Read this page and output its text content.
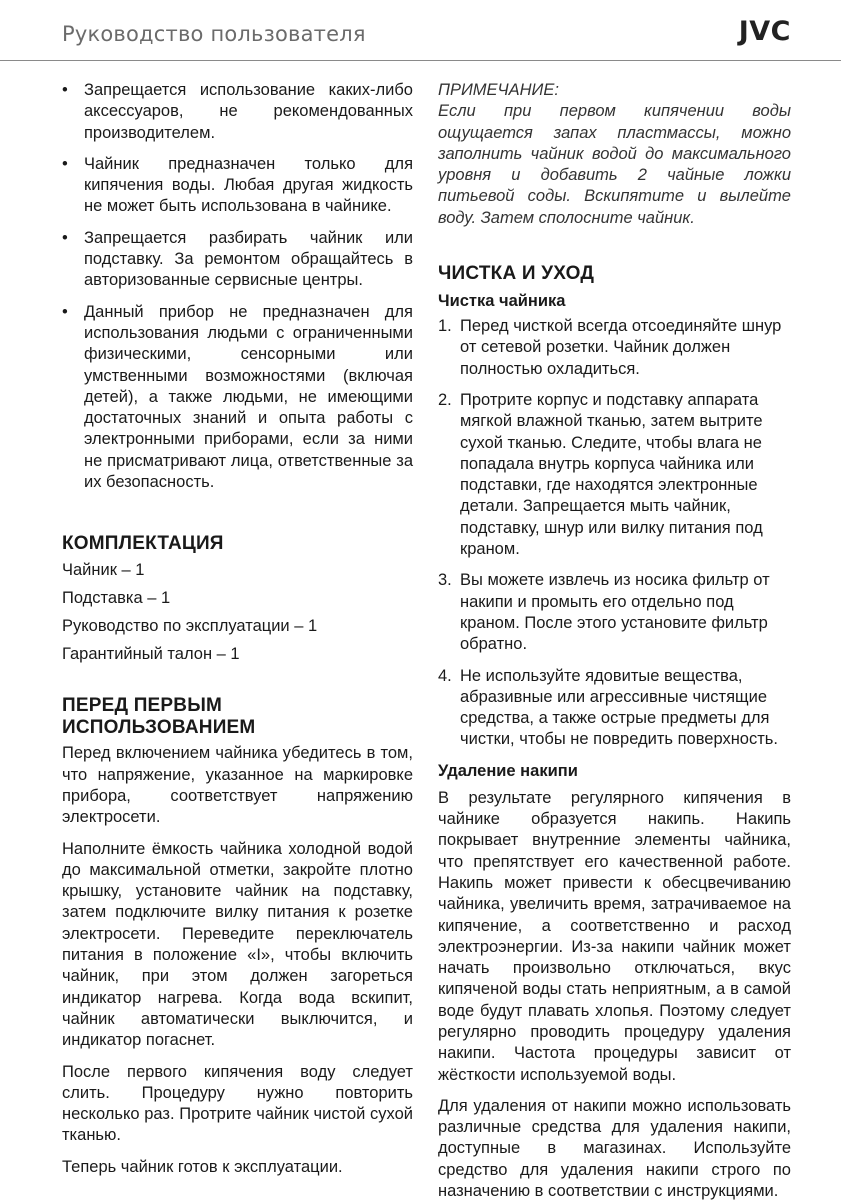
Руководство пользователя	JVC
• Запрещается использование каких-либо аксессуаров, не рекомендованных производителем.
• Чайник предназначен только для кипячения воды. Любая другая жидкость не может быть использована в чайнике.
• Запрещается разбирать чайник или подставку. За ремонтом обращайтесь в авторизованные сервисные центры.
• Данный прибор не предназначен для использования людьми с ограниченными физическими, сенсорными или умственными возможностями (включая детей), а также людьми, не имеющими достаточных знаний и опыта работы с электронными приборами, если за ними не присматривают лица, ответственные за их безопасность.
КОМПЛЕКТАЦИЯ

Чайник – 1

Подставка – 1

Руководство по эксплуатации – 1

Гарантийный талон – 1

ПЕРЕД ПЕРВЫМ
ИСПОЛЬЗОВАНИЕМ

Перед включением чайника убедитесь в том, что напряжение, указанное на маркировке прибора, соответствует напряжению электросети.

Наполните ёмкость чайника холодной водой до максимальной отметки, закройте плотно крышку, установите чайник на подставку, затем подключите вилку питания к розетке электросети. Переведите переключатель питания в положение «I», чтобы включить чайник, при этом должен загореться индикатор нагрева. Когда вода вскипит, чайник автоматически выключится, и индикатор погаснет.

После первого кипячения воду следует слить. Процедуру нужно повторить несколько раз. Протрите чайник чистой сухой тканью.

Теперь чайник готов к эксплуатации.

ПРИМЕЧАНИЕ:

Если при первом кипячении воды ощущается запах пластмассы, можно заполнить чайник водой до максимального уровня и добавить 2 чайные ложки питьевой соды. Вскипятите и вылейте воду. Затем сполосните чайник.

ЧИСТКА И УХОД
Чистка чайника
1. Перед чисткой всегда отсоединяйте шнур от сетевой розетки. Чайник должен полностью охладиться.
2. Протрите корпус и подставку аппарата мягкой влажной тканью, затем вытрите сухой тканью. Следите, чтобы влага не попадала внутрь корпуса чайника или подставки, где находятся электронные детали. Запрещается мыть чайник, подставку, шнур или вилку питания под краном.
3. Вы можете извлечь из носика фильтр от накипи и промыть его отдельно под краном. После этого установите фильтр обратно.
4. Не используйте ядовитые вещества, абразивные или агрессивные чистящие средства, а также острые предметы для чистки, чтобы не повредить поверхность.
Удаление накипи

В результате регулярного кипячения в чайнике образуется накипь. Накипь покрывает внутренние элементы чайника, что препятствует его качественной работе. Накипь может привести к обесцвечиванию чайника, увеличить время, затрачиваемое на кипячение, а соответственно и расход электроэнергии. Из-за накипи чайник может начать произвольно отключаться, вкус кипяченой воды стать неприятным, а в самой воде будут плавать хлопья. Поэтому следует регулярно проводить процедуру удаления накипи. Частота процедуры зависит от жёсткости используемой воды.

Для удаления от накипи можно использовать различные средства для удаления накипи, доступные в магазинах. Используйте средство для удаления накипи строго по назначению в соответствии с инструкциями.
